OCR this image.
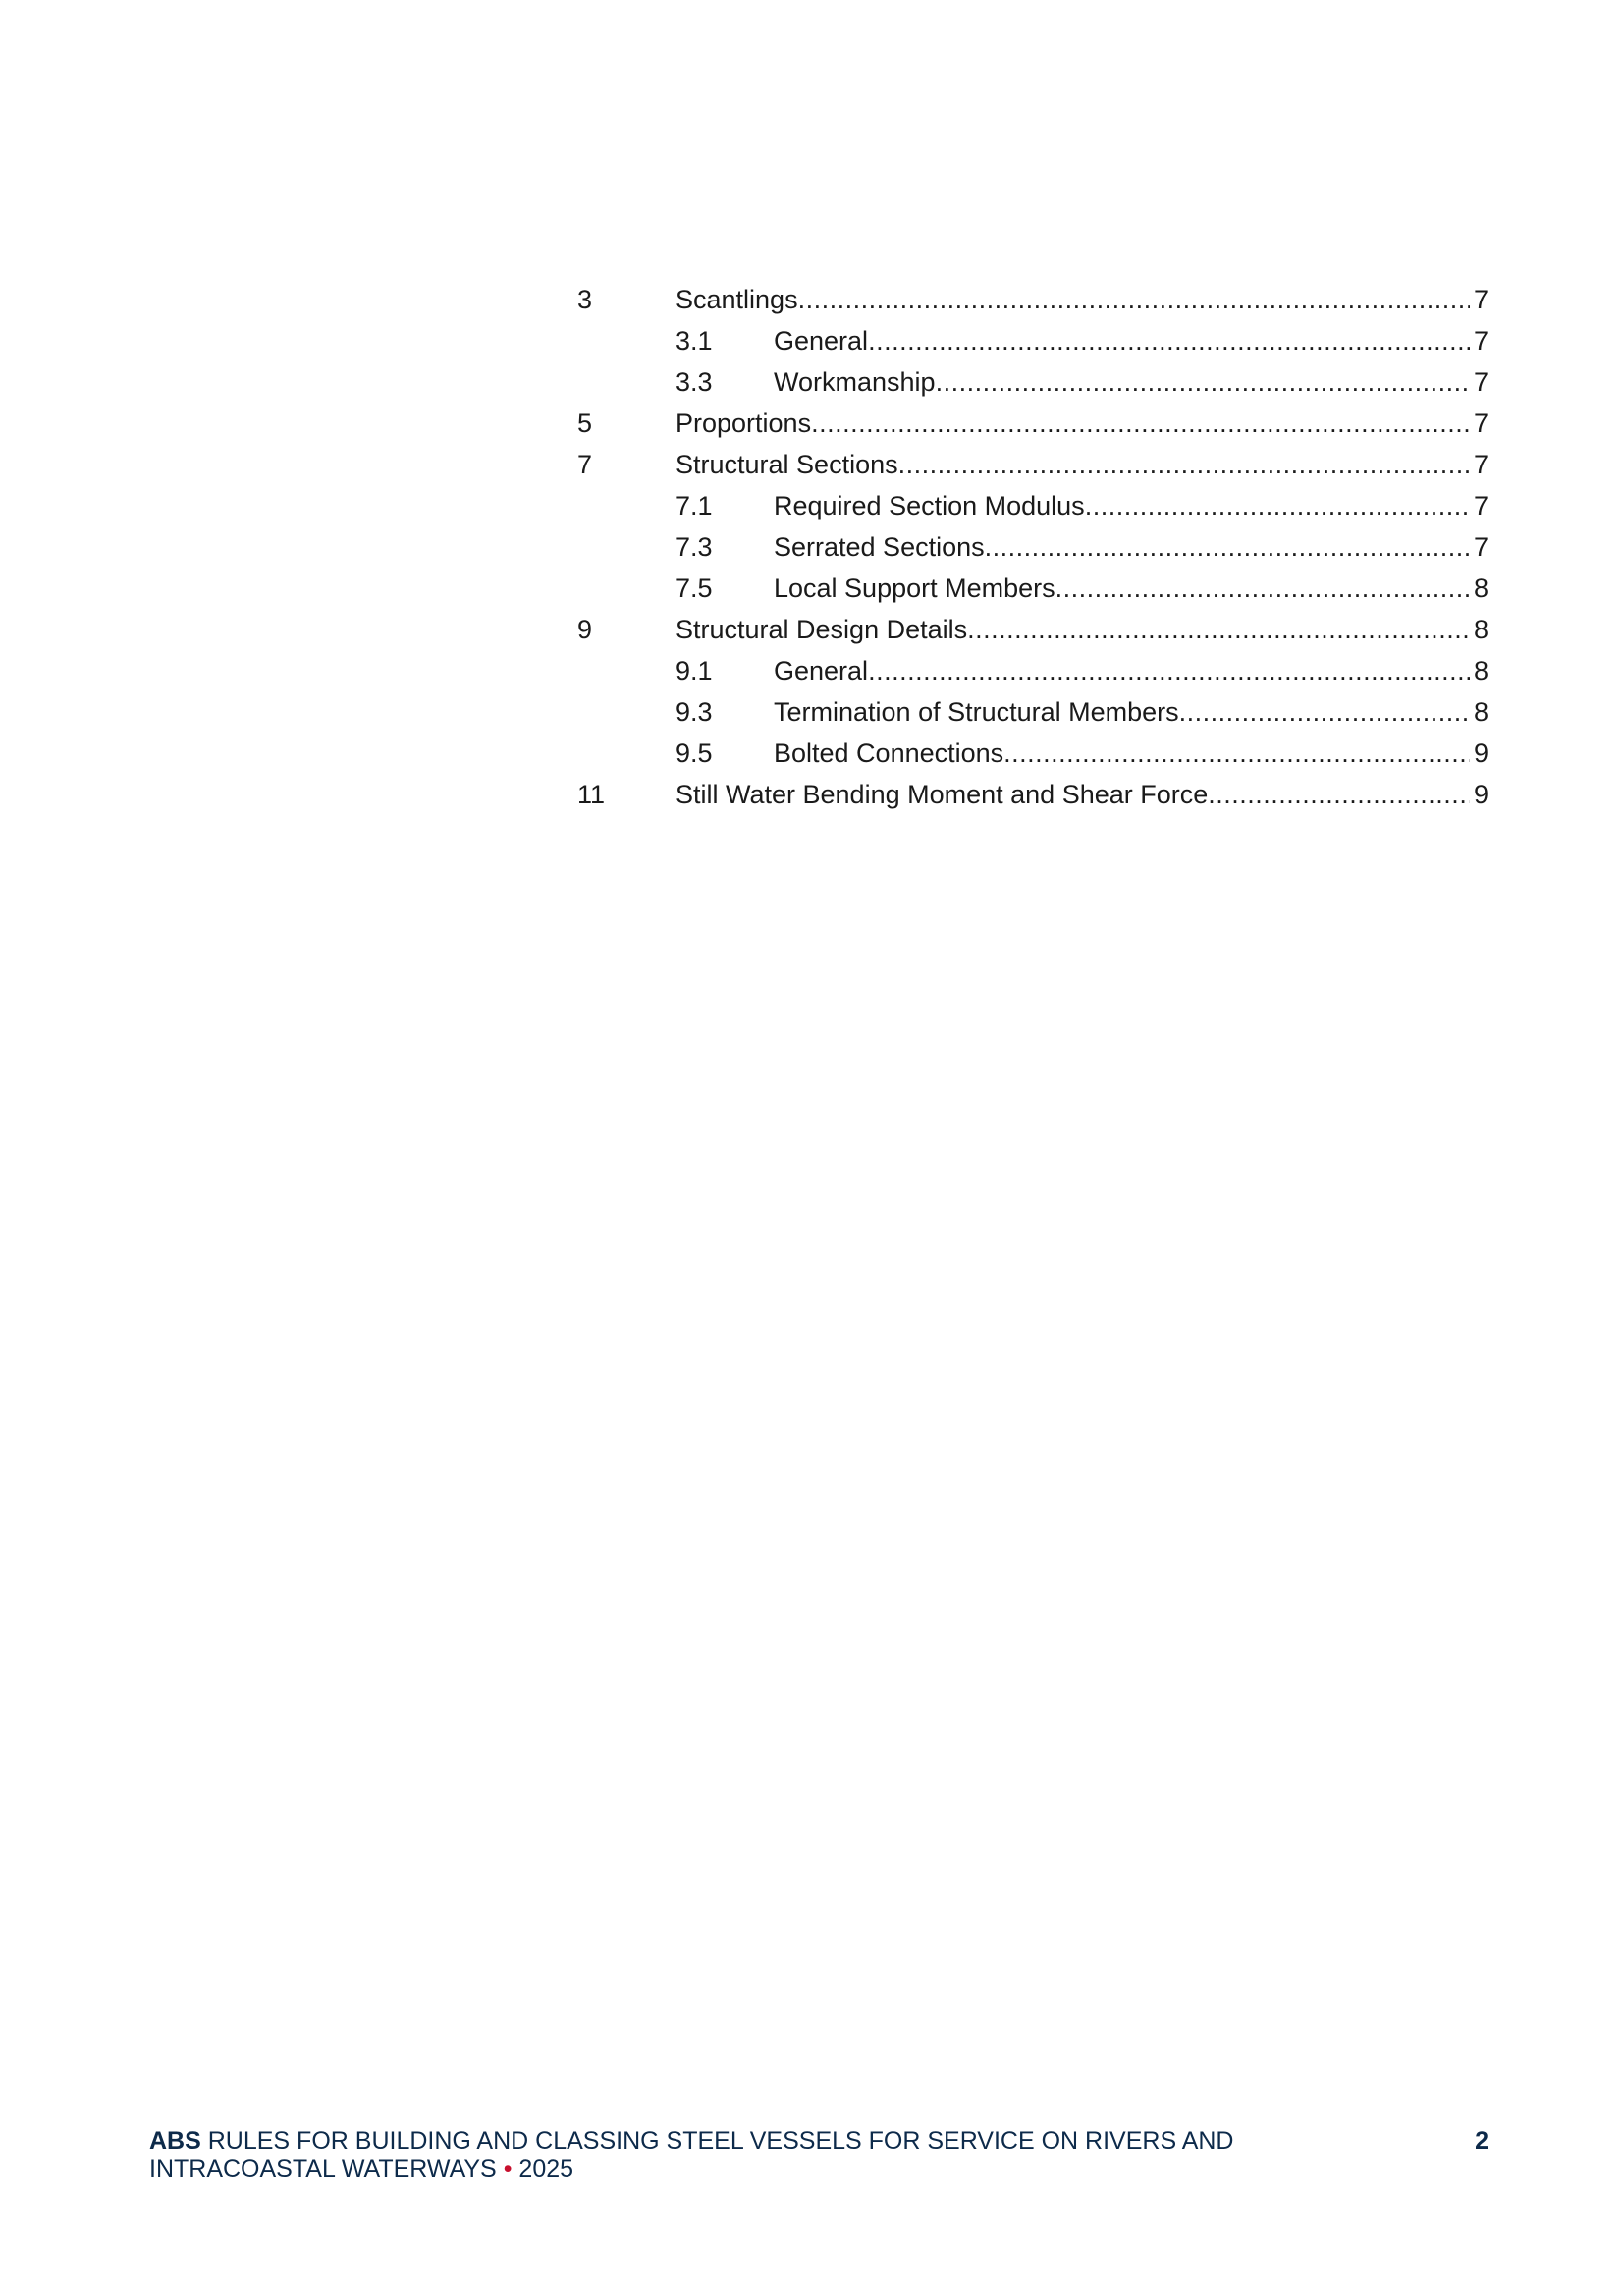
3	Scantlings .....	7
3.1 General .....	7
3.3 Workmanship .....	7
5	Proportions .....	7
7	Structural Sections .....	7
7.1 Required Section Modulus .....	7
7.3 Serrated Sections .....	7
7.5 Local Support Members .....	8
9	Structural Design Details .....	8
9.1 General .....	8
9.3 Termination of Structural Members .....	8
9.5 Bolted Connections .....	9
11	Still Water Bending Moment and Shear Force .....	9
ABS RULES FOR BUILDING AND CLASSING STEEL VESSELS FOR SERVICE ON RIVERS AND INTRACOASTAL WATERWAYS • 2025
2
